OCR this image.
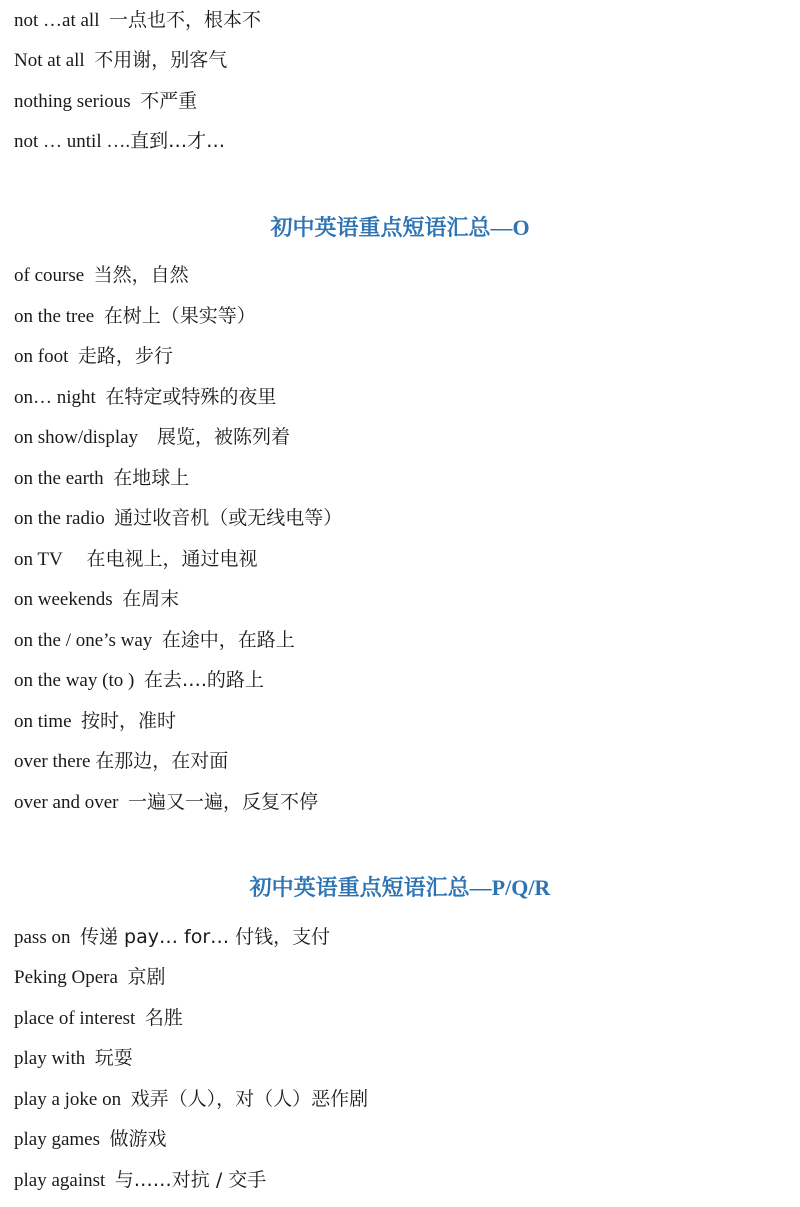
not …at all 一点也不，根本不
Not at all 不用谢，别客气
nothing serious 不严重
not … until ….直到…才…
初中英语重点短语汇总—O
of course 当然，自然
on the tree 在树上（果实等）
on foot 走路，步行
on… night 在特定或特殊的夜里
on show/display 展览，被陈列着
on the earth 在地球上
on the radio 通过收音机（或无线电等）
on TV 在电视上，通过电视
on weekends 在周末
on the / one’s way 在途中，在路上
on the way (to ) 在去….的路上
on time 按时，准时
over there 在那边，在对面
over and over 一遍又一遍，反复不停
初中英语重点短语汇总—P/Q/R
pass on 传递 pay… for… 付钱，支付
Peking Opera 京剧
place of interest 名胜
play with 玩耍
play a joke on 戏弄（人），对（人）恶作剧
play games 做游戏
play against 与……对抗 / 交手
